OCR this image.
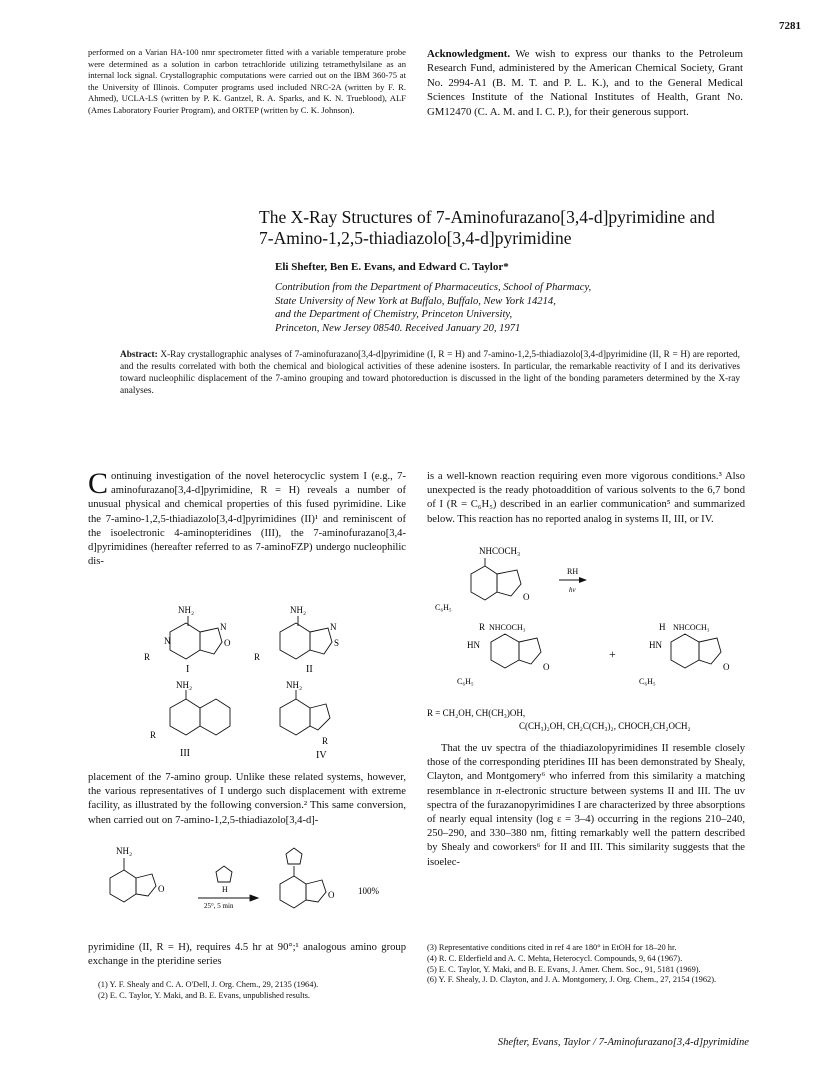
7281
performed on a Varian HA-100 nmr spectrometer fitted with a variable temperature probe were determined as a solution in carbon tetrachloride utilizing tetramethylsilane as an internal lock signal. Crystallographic computations were carried out on the IBM 360-75 at the University of Illinois. Computer programs used included NRC-2A (written by F. R. Ahmed), UCLA-LS (written by P. K. Gantzel, R. A. Sparks, and K. N. Trueblood), ALF (Ames Laboratory Fourier Program), and ORTEP (written by C. K. Johnson).
Acknowledgment. We wish to express our thanks to the Petroleum Research Fund, administered by the American Chemical Society, Grant No. 2994-A1 (B. M. T. and P. L. K.), and to the General Medical Sciences Institute of the National Institutes of Health, Grant No. GM12470 (C. A. M. and I. C. P.), for their generous support.
The X-Ray Structures of 7-Aminofurazano[3,4-d]pyrimidine and
7-Amino-1,2,5-thiadiazolo[3,4-d]pyrimidine
Eli Shefter, Ben E. Evans, and Edward C. Taylor*
Contribution from the Department of Pharmaceutics, School of Pharmacy,
State University of New York at Buffalo, Buffalo, New York 14214,
and the Department of Chemistry, Princeton University,
Princeton, New Jersey 08540. Received January 20, 1971
Abstract: X-Ray crystallographic analyses of 7-aminofurazano[3,4-d]pyrimidine (I, R = H) and 7-amino-1,2,5-thiadiazolo[3,4-d]pyrimidine (II, R = H) are reported, and the results correlated with both the chemical and biological activities of these adenine isosters. In particular, the remarkable reactivity of I and its derivatives toward nucleophilic displacement of the 7-amino grouping and toward photoreduction is discussed in the light of the bonding parameters determined by the X-ray analyses.
Continuing investigation of the novel heterocyclic system I (e.g., 7-aminofurazano[3,4-d]pyrimidine, R = H) reveals a number of unusual physical and chemical properties of this fused pyrimidine. Like the 7-amino-1,2,5-thiadiazolo[3,4-d]pyrimidines (II)¹ and reminiscent of the isoelectronic 4-aminopteridines (III), the 7-aminofurazano[3,4-d]pyrimidines (hereafter referred to as 7-aminoFZP) undergo nucleophilic dis-
NH₂
N
N
O
R
I
NH₂
N
S
R
II
NH₂
R
III
NH₂
R
IV
placement of the 7-amino group. Unlike these related systems, however, the various representatives of I undergo such displacement with extreme facility, as illustrated by the following conversion.² This same conversion, when carried out on 7-amino-1,2,5-thiadiazolo[3,4-d]-
NH₂
O	H
25°, 5 min
O	100%
pyrimidine (II, R = H), requires 4.5 hr at 90°;¹ analogous amino group exchange in the pteridine series
(1) Y. F. Shealy and C. A. O'Dell, J. Org. Chem., 29, 2135 (1964).
(2) E. C. Taylor, Y. Maki, and B. E. Evans, unpublished results.
is a well-known reaction requiring even more vigorous conditions.³ Also unexpected is the ready photoaddition of various solvents to the 6,7 bond of I (R = C₆H₅) described in an earlier communication⁵ and summarized below. This reaction has no reported analog in systems II, III, or IV.
NHCOCH₃
C₆H₅
O
RH
hν
R NHCOCH₃
HN
C₆H₅
O
+
H NHCOCH₃
HN
C₆H₅
O
R = CH₂OH, CH(CH₃)OH,
C(CH₃)₂OH, CH₂C(CH₃)₂, CHOCH₂CH₂OCH₂

That the uv spectra of the thiadiazolopyrimidines II resemble closely those of the corresponding pteridines III has been demonstrated by Shealy, Clayton, and Montgomery⁶ who inferred from this similarity a matching resemblance in π-electronic structure between systems II and III. The uv spectra of the furazanopyrimidines I are characterized by three absorptions of nearly equal intensity (log ε = 3–4) occurring in the regions 210–240, 250–290, and 330–380 nm, fitting remarkably well the pattern described by Shealy and coworkers⁶ for II and III. This similarity suggests that the isoelec-

(3) Representative conditions cited in ref 4 are 180° in EtOH for 18–20 hr.
(4) R. C. Elderfield and A. C. Mehta, Heterocycl. Compounds, 9, 64 (1967).
(5) E. C. Taylor, Y. Maki, and B. E. Evans, J. Amer. Chem. Soc., 91, 5181 (1969).
(6) Y. F. Shealy, J. D. Clayton, and J. A. Montgomery, J. Org. Chem., 27, 2154 (1962).
Shefter, Evans, Taylor / 7-Aminofurazano[3,4-d]pyrimidine
